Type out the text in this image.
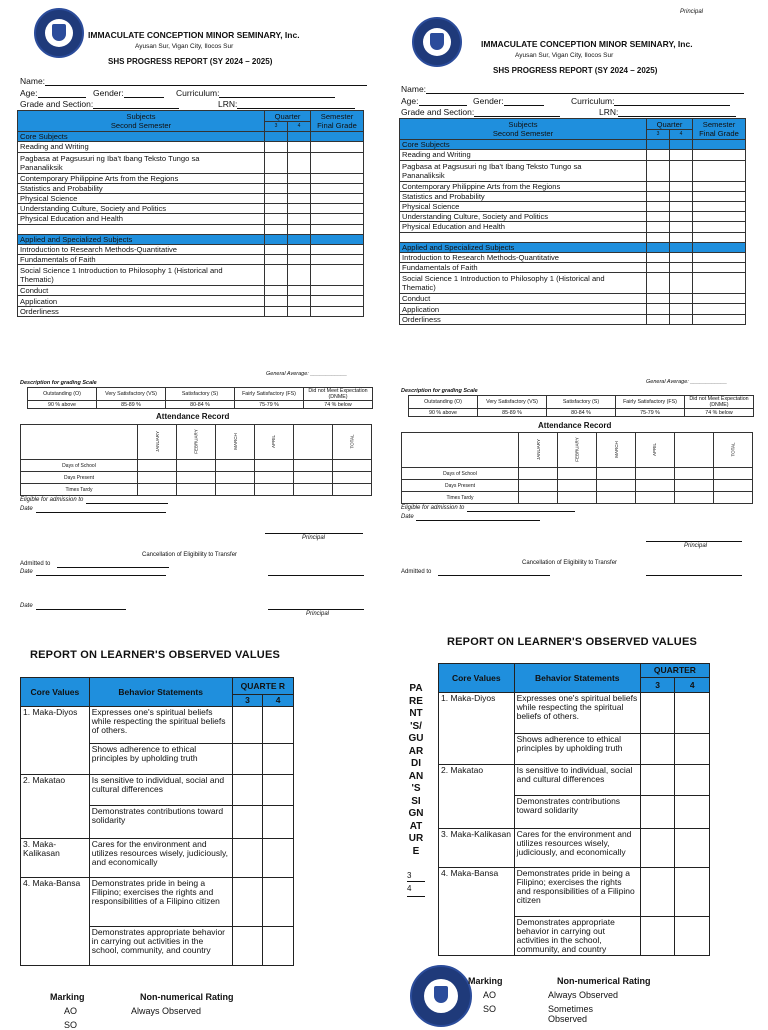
IMMACULATE CONCEPTION MINOR SEMINARY, Inc.
Ayusan Sur, Vigan City, Ilocos Sur
SHS PROGRESS REPORT (SY 2024 – 2025)
Name:
Age:	Gender:	Curriculum:
Grade and Section:	LRN:
Subjects
Second Semester	Quarter		Semester
Final Grade
	3	4	
Core Subjects			
Reading and Writing			
Pagbasa at Pagsusuri ng Iba't Ibang Teksto Tungo sa
Pananaliksik			
Contemporary Philippine Arts from the Regions			
Statistics and Probability			
Physical Science			
Understanding Culture, Society and Politics			
Physical Education and Health			

Applied and Specialized Subjects			
Introduction to Research Methods-Quantitative			
Fundamentals of Faith			
Social Science 1 Introduction to Philosophy 1 (Historical and
Thematic)			
Conduct			
Application			
Orderliness			
General Average: ____________
Description for grading Scale
Outstanding (O)	Very Satisfactory (VS)	Satisfactory (S)	Fairly Satisfactory (FS)	Did not Meet Expectation (DNME)
90 % above	85-89 %	80-84 %	75-79 %	74 % below
Attendance Record
	JANUARY	FEBRUARY	MARCH	APRIL		TOTAL
Days of School						
Days Present						
Times Tardy						
Eligible for admission to
Date
Principal
Cancellation of Eligibility to Transfer
Admitted to
Date
Date
Principal
REPORT ON LEARNER'S OBSERVED VALUES
Core Values	Behavior Statements	QUARTE R	
		3	4
1. Maka-Diyos	Expresses one's spiritual beliefs while respecting the spiritual beliefs of others.		
	Shows adherence to ethical principles by upholding truth		
2. Makatao	Is sensitive to individual, social and cultural differences		
	Demonstrates contributions toward solidarity		
3. Maka-Kalikasan	Cares for the environment and utilizes resources wisely, judiciously, and economically		
4. Maka-Bansa	Demonstrates pride in being a Filipino; exercises the rights and responsibilities of a Filipino citizen		
	Demonstrates appropriate behavior in carrying out activities in the school, community, and country		
Marking	Non-numerical Rating
AO	Always Observed
SO
Principal
IMMACULATE CONCEPTION MINOR SEMINARY, Inc.
Ayusan Sur, Vigan City, Ilocos Sur
SHS PROGRESS REPORT (SY 2024 – 2025)
Name:
Age:	Gender:	Curriculum:
Grade and Section:	LRN:
Subjects
Second Semester	Quarter		Semester
Final Grade
	3	4	
Core Subjects			
Reading and Writing			
Pagbasa at Pagsusuri ng Iba't Ibang Teksto Tungo sa
Pananaliksik			
Contemporary Philippine Arts from the Regions			
Statistics and Probability			
Physical Science			
Understanding Culture, Society and Politics			
Physical Education and Health			

Applied and Specialized Subjects			
Introduction to Research Methods-Quantitative			
Fundamentals of Faith			
Social Science 1 Introduction to Philosophy 1 (Historical and
Thematic)			
Conduct			
Application			
Orderliness			
General Average: ____________
Description for grading Scale
Outstanding (O)	Very Satisfactory (VS)	Satisfactory (S)	Fairly Satisfactory (FS)	Did not Meet Expectation (DNME)
90 % above	85-89 %	80-84 %	75-79 %	74 % below
Attendance Record
	JANUARY	FEBRUARY	MARCH	APRIL		TOTAL
Days of School						
Days Present						
Times Tardy						
Eligible for admission to
Date
Principal
Cancellation of Eligibility to Transfer
Admitted to
REPORT ON LEARNER'S OBSERVED VALUES
PA
RE
NT
'S/
GU
AR
DI
AN
'S
SI
GN
AT
UR
E
3
4
Core Values	Behavior Statements	QUARTER	
		3	4
1. Maka-Diyos	Expresses one's spiritual beliefs while respecting the spiritual beliefs of others.		
	Shows adherence to ethical principles by upholding truth		
2. Makatao	Is sensitive to individual, social and cultural differences		
	Demonstrates contributions toward solidarity		
3. Maka-Kalikasan	Cares for the environment and utilizes resources wisely, judiciously, and economically		
4. Maka-Bansa	Demonstrates pride in being a Filipino; exercises the rights and responsibilities of a Filipino citizen		
	Demonstrates appropriate behavior in carrying out activities in the school, community, and country		
Marking	Non-numerical Rating
AO	Always Observed
SO	Sometimes Observed
